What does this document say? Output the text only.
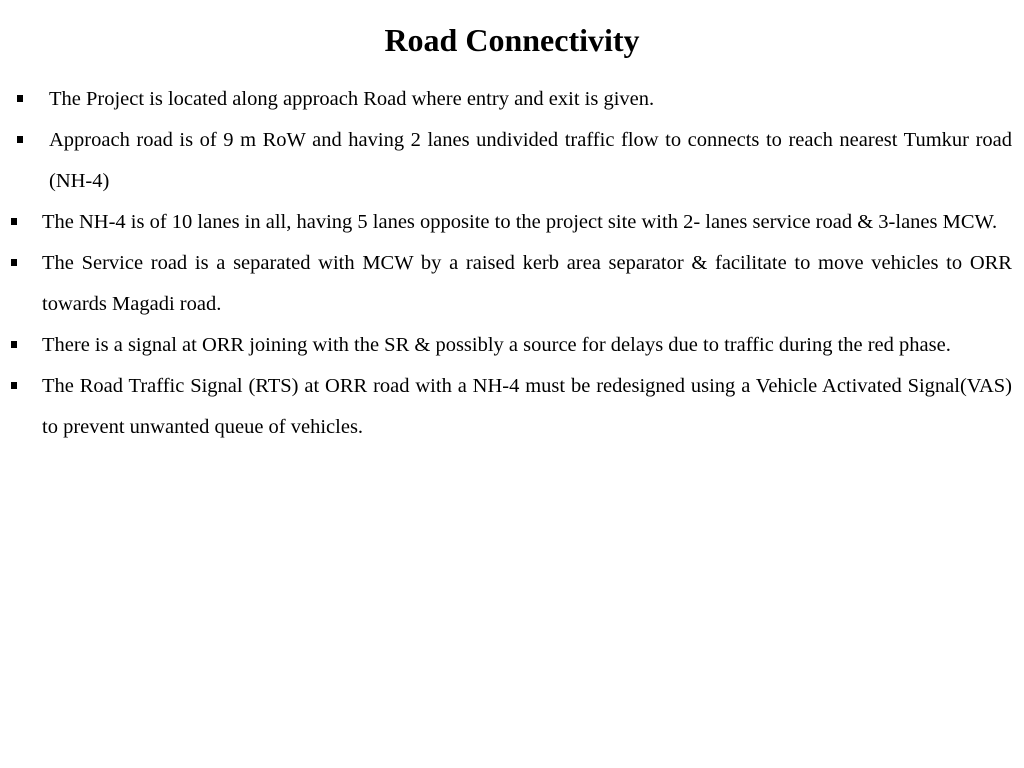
Road Connectivity
The Project is located along approach Road where entry and exit is given.
Approach road is of 9 m RoW and having 2 lanes undivided traffic flow to connects to reach nearest Tumkur road (NH-4)
The NH-4 is of 10 lanes in all, having 5 lanes opposite to the project site with 2- lanes service road & 3-lanes MCW.
The Service road is a separated with MCW by a raised kerb area separator & facilitate to move vehicles to ORR towards Magadi road.
There is a signal at ORR joining with the SR & possibly a source for delays due to traffic during the red phase.
The Road Traffic Signal (RTS) at ORR road with a NH-4 must be redesigned using a Vehicle Activated Signal(VAS) to prevent unwanted queue of vehicles.
